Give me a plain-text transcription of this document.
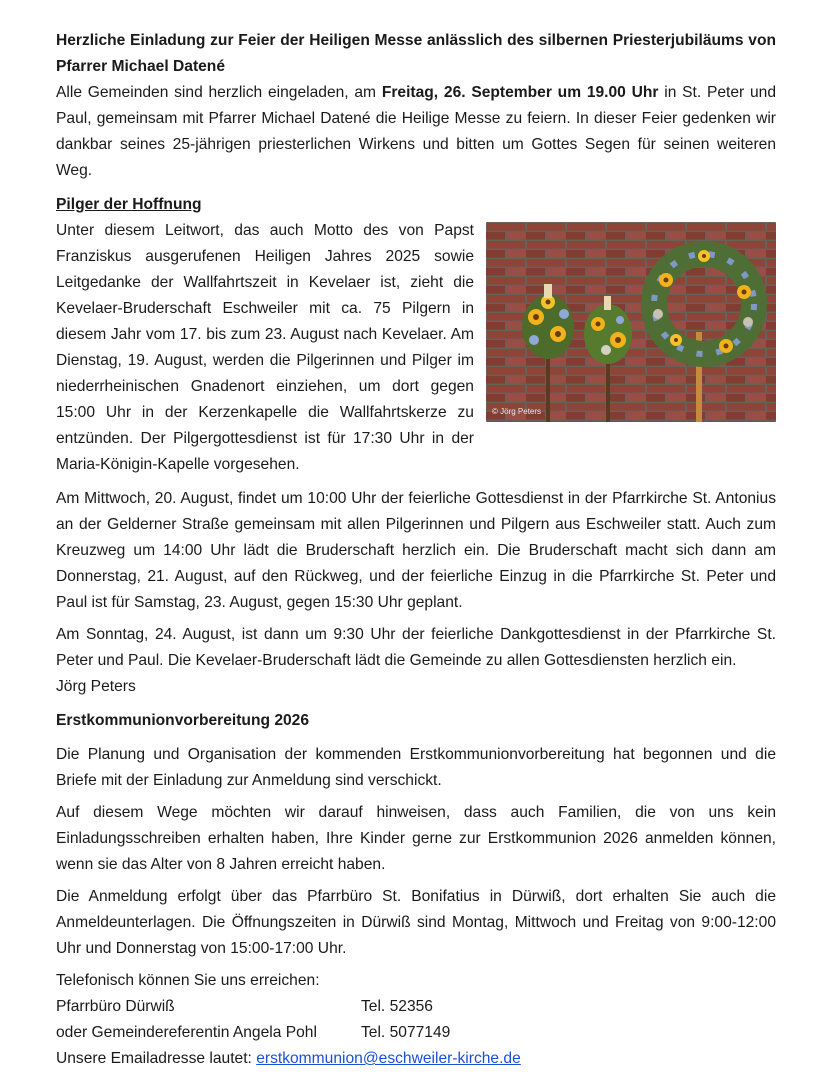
Herzliche Einladung zur Feier der Heiligen Messe anlässlich des silbernen Priesterjubiläums von Pfarrer Michael Datené

Alle Gemeinden sind herzlich eingeladen, am Freitag, 26. September um 19.00 Uhr in St. Peter und Paul, gemeinsam mit Pfarrer Michael Datené die Heilige Messe zu feiern. In dieser Feier gedenken wir dankbar seines 25-jährigen priesterlichen Wirkens und bitten um Gottes Segen für seinen weiteren Weg.

Pilger der Hoffnung

© Jörg Peters

Unter diesem Leitwort, das auch Motto des von Papst Franziskus ausgerufenen Heiligen Jahres 2025 sowie Leitgedanke der Wallfahrtszeit in Kevelaer ist, zieht die Kevelaer-Bruderschaft Eschweiler mit ca. 75 Pilgern in diesem Jahr vom 17. bis zum 23. August nach Kevelaer. Am Dienstag, 19. August, werden die Pilgerinnen und Pilger im niederrheinischen Gnadenort einziehen, um dort gegen 15:00 Uhr in der Kerzenkapelle die Wallfahrtskerze zu entzünden. Der Pilgergottesdienst ist für 17:30 Uhr in der Maria-Königin-Kapelle vorgesehen.

Am Mittwoch, 20. August, findet um 10:00 Uhr der feierliche Gottesdienst in der Pfarrkirche St. Antonius an der Gelderner Straße gemeinsam mit allen Pilgerinnen und Pilgern aus Eschweiler statt. Auch zum Kreuzweg um 14:00 Uhr lädt die Bruderschaft herzlich ein. Die Bruderschaft macht sich dann am Donnerstag, 21. August, auf den Rückweg, und der feierliche Einzug in die Pfarrkirche St. Peter und Paul ist für Samstag, 23. August, gegen 15:30 Uhr geplant.

Am Sonntag, 24. August, ist dann um 9:30 Uhr der feierliche Dankgottesdienst in der Pfarrkirche St. Peter und Paul. Die Kevelaer-Bruderschaft lädt die Gemeinde zu allen Gottesdiensten herzlich ein.

Jörg Peters

Erstkommunionvorbereitung 2026

Die Planung und Organisation der kommenden Erstkommunionvorbereitung hat begonnen und die Briefe mit der Einladung zur Anmeldung sind verschickt.

Auf diesem Wege möchten wir darauf hinweisen, dass auch Familien, die von uns kein Einladungsschreiben erhalten haben, Ihre Kinder gerne zur Erstkommunion 2026 anmelden können, wenn sie das Alter von 8 Jahren erreicht haben.

Die Anmeldung erfolgt über das Pfarrbüro St. Bonifatius in Dürwiß, dort erhalten Sie auch die Anmeldeunterlagen. Die Öffnungszeiten in Dürwiß sind Montag, Mittwoch und Freitag von 9:00-12:00 Uhr und Donnerstag von 15:00-17:00 Uhr.

Telefonisch können Sie uns erreichen:

Pfarrbüro Dürwiß	Tel. 52356
oder Gemeindereferentin Angela Pohl	Tel. 5077149

Unsere Emailadresse lautet: erstkommunion@eschweiler-kirche.de
